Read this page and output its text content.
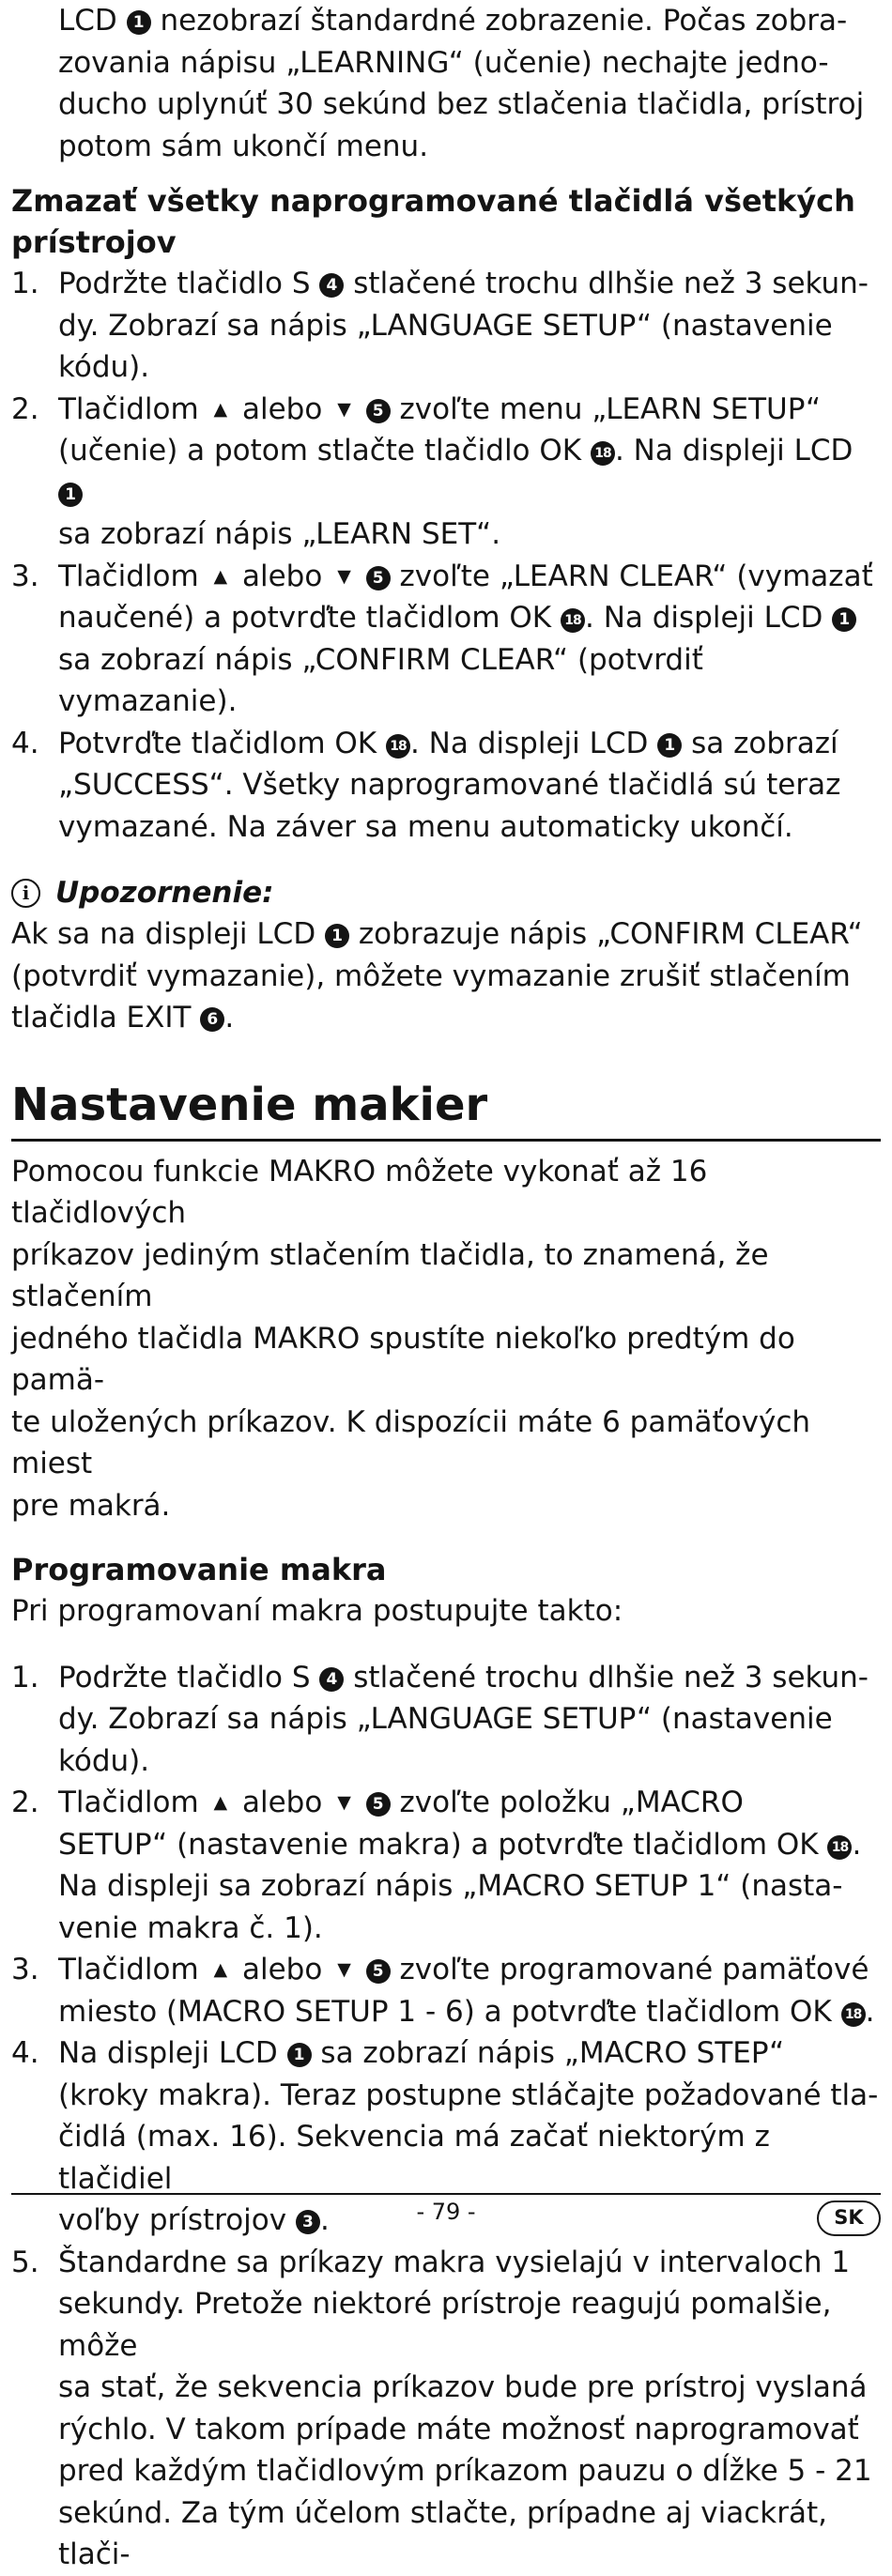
LCD 1 nezobrazí štandardné zobrazenie. Počas zobra-

zovania nápisu „LEARNING“ (učenie) nechajte jedno-

ducho uplynúť 30 sekúnd bez stlačenia tlačidla, prístroj

potom sám ukončí menu.

Zmazať všetky naprogramované tlačidlá všetkých

prístrojov

1. Podržte tlačidlo S 4 stlačené trochu dlhšie než 3 sekun-
dy. Zobrazí sa nápis „LANGUAGE SETUP“ (nastavenie
kódu).
2. Tlačidlom ▲ alebo ▼ 5 zvoľte menu „LEARN SETUP“
(učenie) a potom stlačte tlačidlo OK 18 . Na displeji LCD 1
sa zobrazí nápis „LEARN SET“.
3. Tlačidlom ▲ alebo ▼ 5 zvoľte „LEARN CLEAR“ (vymazať
naučené) a potvrďte tlačidlom OK 18 . Na displeji LCD 1
sa zobrazí nápis „CONFIRM CLEAR“ (potvrdiť vymazanie).
4. Potvrďte tlačidlom OK 18 . Na displeji LCD 1 sa zobrazí
„SUCCESS“. Všetky naprogramované tlačidlá sú teraz
vymazané. Na záver sa menu automaticky ukončí.
i Upozornenie:

Ak sa na displeji LCD 1 zobrazuje nápis „CONFIRM CLEAR“
(potvrdiť vymazanie), môžete vymazanie zrušiť stlačením
tlačidla EXIT 6 .

Nastavenie makier

Pomocou funkcie MAKRO môžete vykonať až 16 tlačidlových

príkazov jediným stlačením tlačidla, to znamená, že stlačením

jedného tlačidla MAKRO spustíte niekoľko predtým do pamä-

te uložených príkazov. K dispozícii máte 6 pamäťových miest

pre makrá.

Programovanie makra

Pri programovaní makra postupujte takto:

1. Podržte tlačidlo S 4 stlačené trochu dlhšie než 3 sekun-
dy. Zobrazí sa nápis „LANGUAGE SETUP“ (nastavenie
kódu).
2. Tlačidlom ▲ alebo ▼ 5 zvoľte položku „MACRO
SETUP“ (nastavenie makra) a potvrďte tlačidlom OK 18 .
Na displeji sa zobrazí nápis „MACRO SETUP 1“ (nasta-
venie makra č. 1).
3. Tlačidlom ▲ alebo ▼ 5 zvoľte programované pamäťové
miesto (MACRO SETUP 1 - 6) a potvrďte tlačidlom OK 18 .
4. Na displeji LCD 1 sa zobrazí nápis „MACRO STEP“
(kroky makra). Teraz postupne stláčajte požadované tla-
čidlá (max. 16). Sekvencia má začať niektorým z tlačidiel
voľby prístrojov 3 .
5. Štandardne sa príkazy makra vysielajú v intervaloch 1
sekundy. Pretože niektoré prístroje reagujú pomalšie, môže
sa stať, že sekvencia príkazov bude pre prístroj vyslaná
rýchlo. V takom prípade máte možnosť naprogramovať
pred každým tlačidlovým príkazom pauzu o dĺžke 5 - 21
sekúnd. Za tým účelom stlačte, prípadne aj viackrát, tlači-
- 79 -	SK
